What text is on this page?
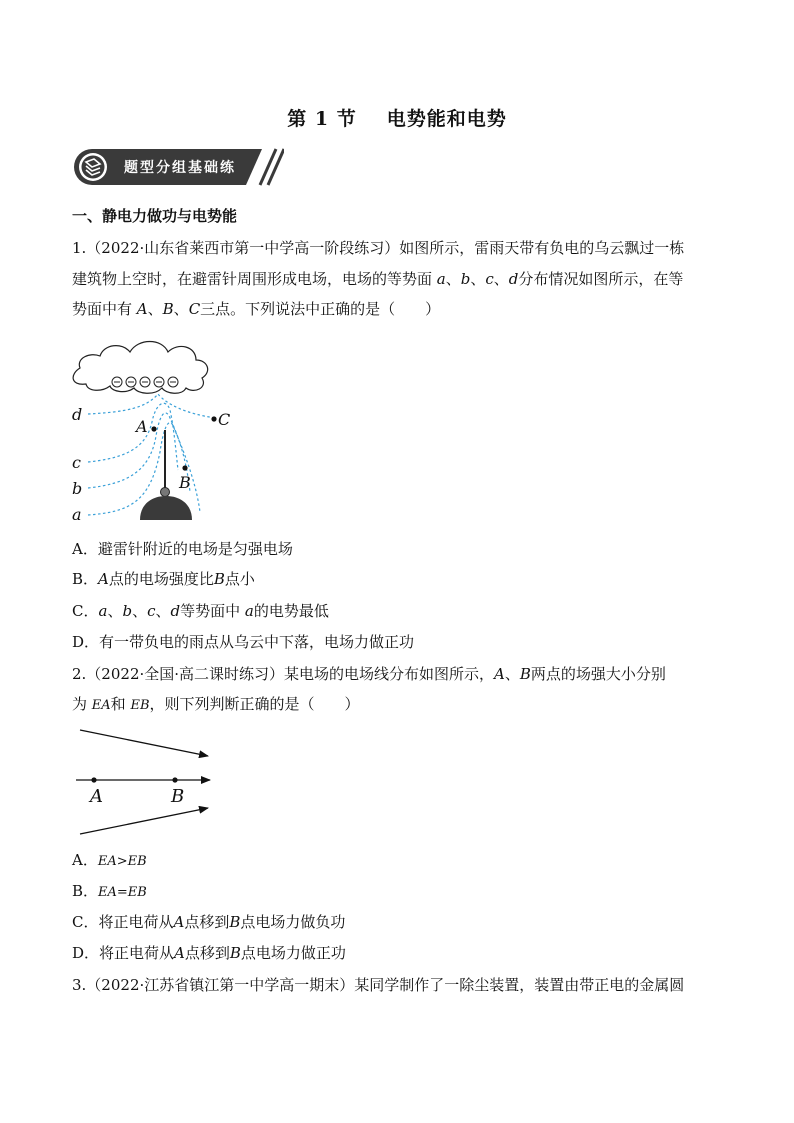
第 1 节 电势能和电势
题型分组基础练
一、静电力做功与电势能
1.（2022·山东省莱西市第一中学高一阶段练习）如图所示，雷雨天带有负电的乌云飘过一栋
建筑物上空时，在避雷针周围形成电场，电场的等势面 a、b、c、d分布情况如图所示，在等
势面中有 A、B、C三点。下列说法中正确的是（　　）
d
c
b
a
A
B
C
A．避雷针附近的电场是匀强电场
B．A点的电场强度比B点小
C．a、b、c、d等势面中 a的电势最低
D．有一带负电的雨点从乌云中下落，电场力做正功
2.（2022·全国·高二课时练习）某电场的电场线分布如图所示，A、B两点的场强大小分别
为 EA和 EB，则下列判断正确的是（　　）
A	B
A．EA>EB
B．EA=EB
C．将正电荷从A点移到B点电场力做负功
D．将正电荷从A点移到B点电场力做正功
3.（2022·江苏省镇江第一中学高一期末）某同学制作了一除尘装置，装置由带正电的金属圆
